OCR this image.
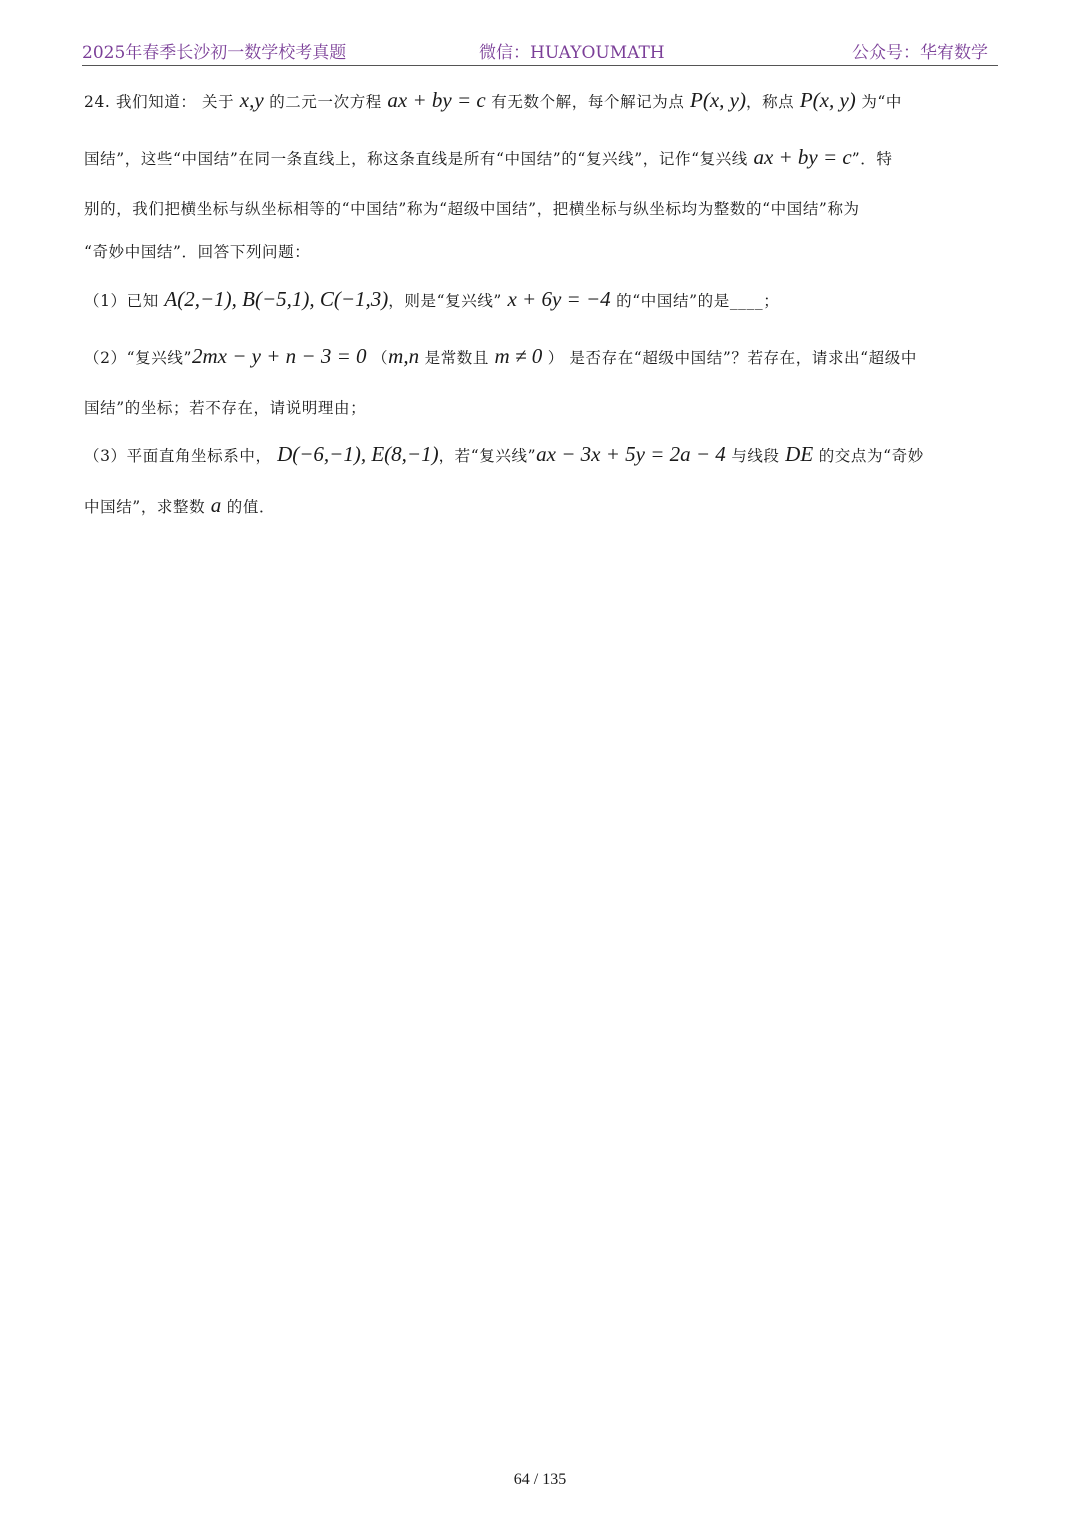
2025年春季长沙初一数学校考真题	微信：HUAYOUMATH	公众号：华宥数学
24. 我们知道： 关于 x,y 的二元一次方程 ax + by = c 有无数个解，每个解记为点 P(x, y)，称点 P(x, y) 为“中
国结”，这些“中国结”在同一条直线上，称这条直线是所有“中国结”的“复兴线”，记作“复兴线 ax + by = c”．特
别的，我们把横坐标与纵坐标相等的“中国结”称为“超级中国结”，把横坐标与纵坐标均为整数的“中国结”称为
“奇妙中国结”．回答下列问题：
（1）已知 A(2,−1), B(−5,1), C(−1,3)，则是“复兴线” x + 6y = −4 的“中国结”的是____；
（2）“复兴线”2mx − y + n − 3 = 0 （m,n 是常数且 m ≠ 0 ） 是否存在“超级中国结”？若存在，请求出“超级中
国结”的坐标；若不存在，请说明理由；
（3）平面直角坐标系中， D(−6,−1), E(8,−1)，若“复兴线”ax − 3x + 5y = 2a − 4 与线段 DE 的交点为“奇妙
中国结”，求整数 a 的值．
64 / 135
